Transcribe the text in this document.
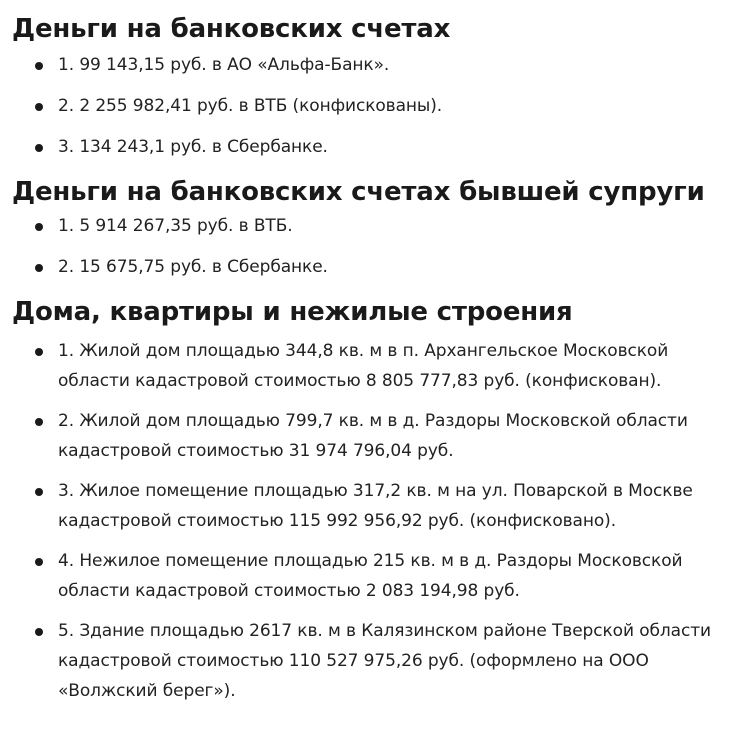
Деньги на банковских счетах
1. 99 143,15 руб. в АО «Альфа-Банк».
2. 2 255 982,41 руб. в ВТБ (конфискованы).
3. 134 243,1 руб. в Сбербанке.
Деньги на банковских счетах бывшей супруги
1. 5 914 267,35 руб. в ВТБ.
2. 15 675,75 руб. в Сбербанке.
Дома, квартиры и нежилые строения
1. Жилой дом площадью 344,8 кв. м в п. Архангельское Московской области кадастровой стоимостью 8 805 777,83 руб. (конфискован).
2. Жилой дом площадью 799,7 кв. м в д. Раздоры Московской области кадастровой стоимостью 31 974 796,04 руб.
3. Жилое помещение площадью 317,2 кв. м на ул. Поварской в Москве кадастровой стоимостью 115 992 956,92 руб. (конфисковано).
4. Нежилое помещение площадью 215 кв. м в д. Раздоры Московской области кадастровой стоимостью 2 083 194,98 руб.
5. Здание площадью 2617 кв. м в Калязинском районе Тверской области кадастровой стоимостью 110 527 975,26 руб. (оформлено на ООО «Волжский берег»).
